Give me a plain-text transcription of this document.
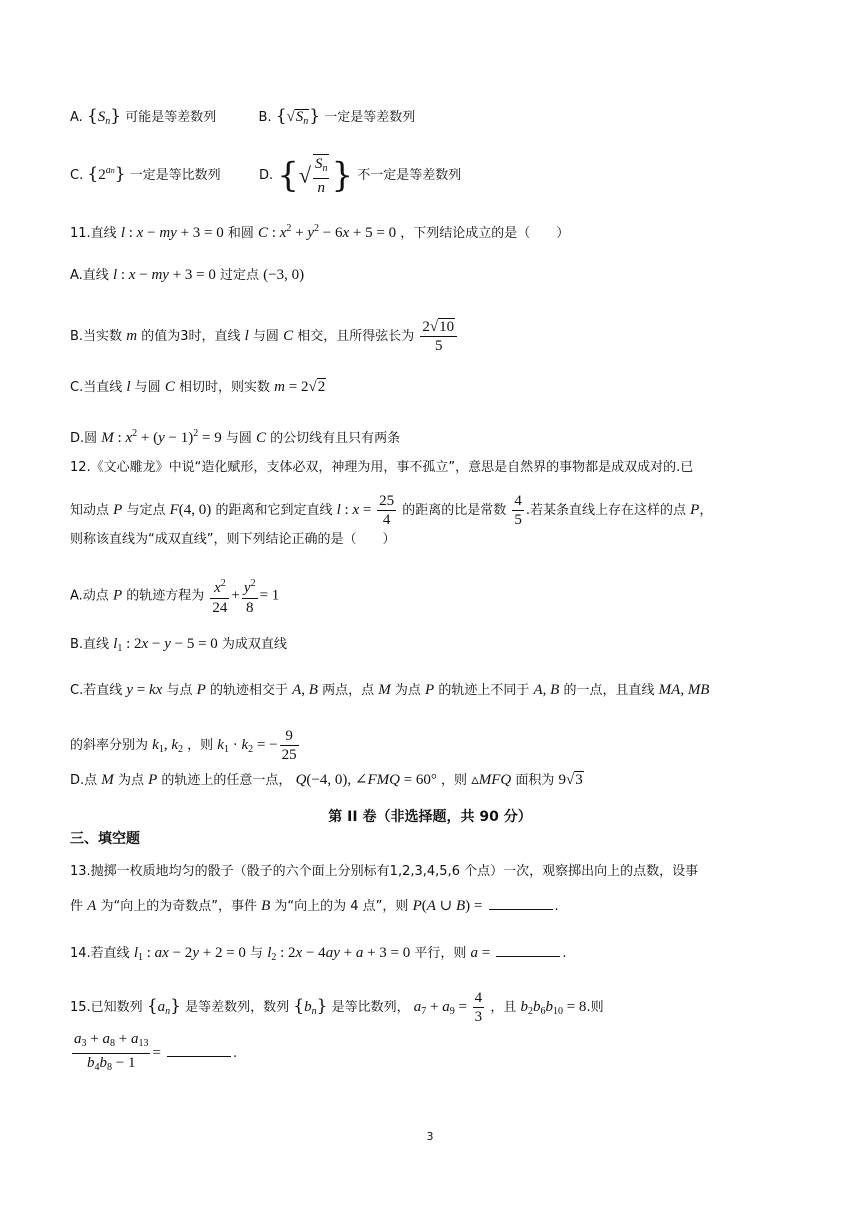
A. $\{S_n\}$ 可能是等差数列	B. $\{√S_n\}$ 一定是等差数列
C. $\{2^{an}\}$ 一定是等比数列	D. {√ $\frac{S_n}{n}$ } 不一定是等差数列
11.直线 l : x − my + 3 = 0 和圆 C : $x^2 + y^2 - 6x + 5 = 0$ ，下列结论成立的是（　　）
A.直线 l : x − my + 3 = 0 过定点 (−3, 0)
B.当实数 m 的值为3时，直线 l 与圆 C 相交，且所得弦长为 $\frac{2√10}{5}$
C.当直线 l 与圆 C 相切时，则实数 m = 2√2
D.圆 M : $x^2 + (y - 1)^2 = 9$ 与圆 C 的公切线有且只有两条
12.《文心雕龙》中说“造化赋形，支体必双，神理为用，事不孤立”，意思是自然界的事物都是成双成对的.已
知动点 P 与定点 F(4, 0) 的距离和它到定直线 l : $x = \frac{25}{4}$ 的距离的比是常数 $\frac{4}{5}$ .若某条直线上存在这样的点 P，
则称该直线为“成双直线”，则下列结论正确的是（　　）
A.动点 P 的轨迹方程为 $\frac{x^2}{24} + \frac{y^2}{8} = 1$
B.直线 $l_1$ : 2x − y − 5 = 0 为成双直线
C.若直线 y = kx 与点 P 的轨迹相交于 A, B 两点，点 M 为点 P 的轨迹上不同于 A, B 的一点，且直线 MA, MB
的斜率分别为 $k_1$, $k_2$ ，则 $k_1 \cdot k_2$ = − $\frac{9}{25}$
D.点 M 为点 P 的轨迹上的任意一点， Q(−4, 0), ∠FMQ = 60° ，则 ▵MFQ 面积为 9√3
第 II 卷（非选择题，共 90 分）
三、填空题
13.抛掷一枚质地均匀的骰子（骰子的六个面上分别标有1,2,3,4,5,6 个点）一次，观察掷出向上的点数，设事
件 A 为“向上的为奇数点”，事件 B 为“向上的为 4 点”，则 P(A ∪ B) =	.
14.若直线 $l_1$ : ax − 2y + 2 = 0 与 $l_2$ : 2x − 4ay + a + 3 = 0 平行，则 a =	.
15.已知数列 $\{a_n\}$ 是等差数列，数列 $\{b_n\}$ 是等比数列， $a_7 + a_9 = \frac{4}{3}$ ，且 $b_2b_6b_{10} = 8$.则
$\frac{a_3 + a_8 + a_{13}}{b_4b_8 - 1}$ =	.
3
